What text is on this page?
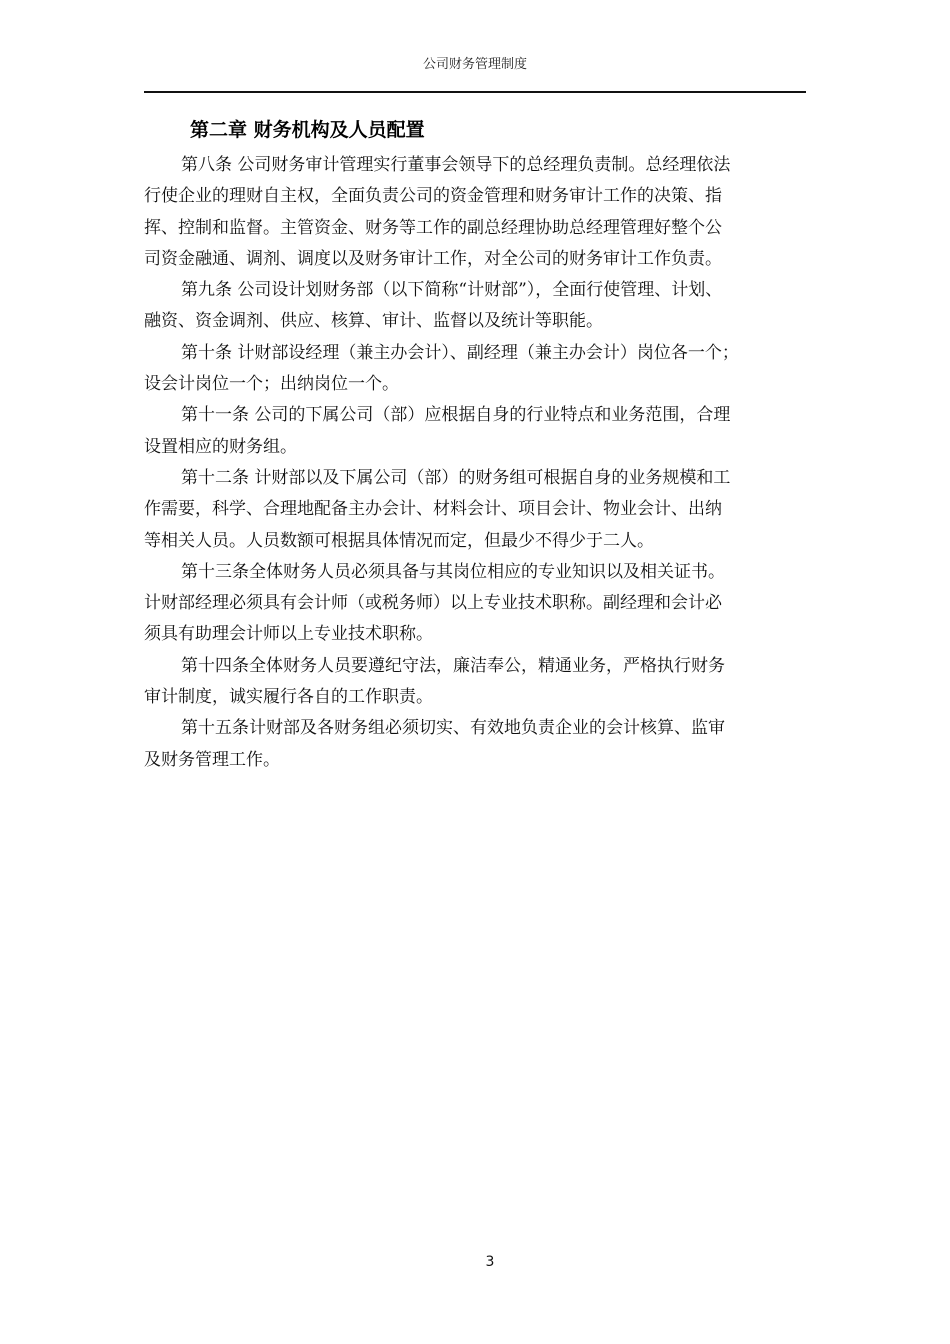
公司财务管理制度
第二章 财务机构及人员配置
第八条 公司财务审计管理实行董事会领导下的总经理负责制。总经理依法
行使企业的理财自主权，全面负责公司的资金管理和财务审计工作的决策、指
挥、控制和监督。主管资金、财务等工作的副总经理协助总经理管理好整个公
司资金融通、调剂、调度以及财务审计工作，对全公司的财务审计工作负责。
第九条 公司设计划财务部（以下简称“计财部”），全面行使管理、计划、
融资、资金调剂、供应、核算、审计、监督以及统计等职能。
第十条 计财部设经理（兼主办会计）、副经理（兼主办会计）岗位各一个；
设会计岗位一个；出纳岗位一个。
第十一条 公司的下属公司（部）应根据自身的行业特点和业务范围，合理
设置相应的财务组。
第十二条 计财部以及下属公司（部）的财务组可根据自身的业务规模和工
作需要，科学、合理地配备主办会计、材料会计、项目会计、物业会计、出纳
等相关人员。人员数额可根据具体情况而定，但最少不得少于二人。
第十三条全体财务人员必须具备与其岗位相应的专业知识以及相关证书。
计财部经理必须具有会计师（或税务师）以上专业技术职称。副经理和会计必
须具有助理会计师以上专业技术职称。
第十四条全体财务人员要遵纪守法，廉洁奉公，精通业务，严格执行财务
审计制度，诚实履行各自的工作职责。
第十五条计财部及各财务组必须切实、有效地负责企业的会计核算、监审
及财务管理工作。
3
